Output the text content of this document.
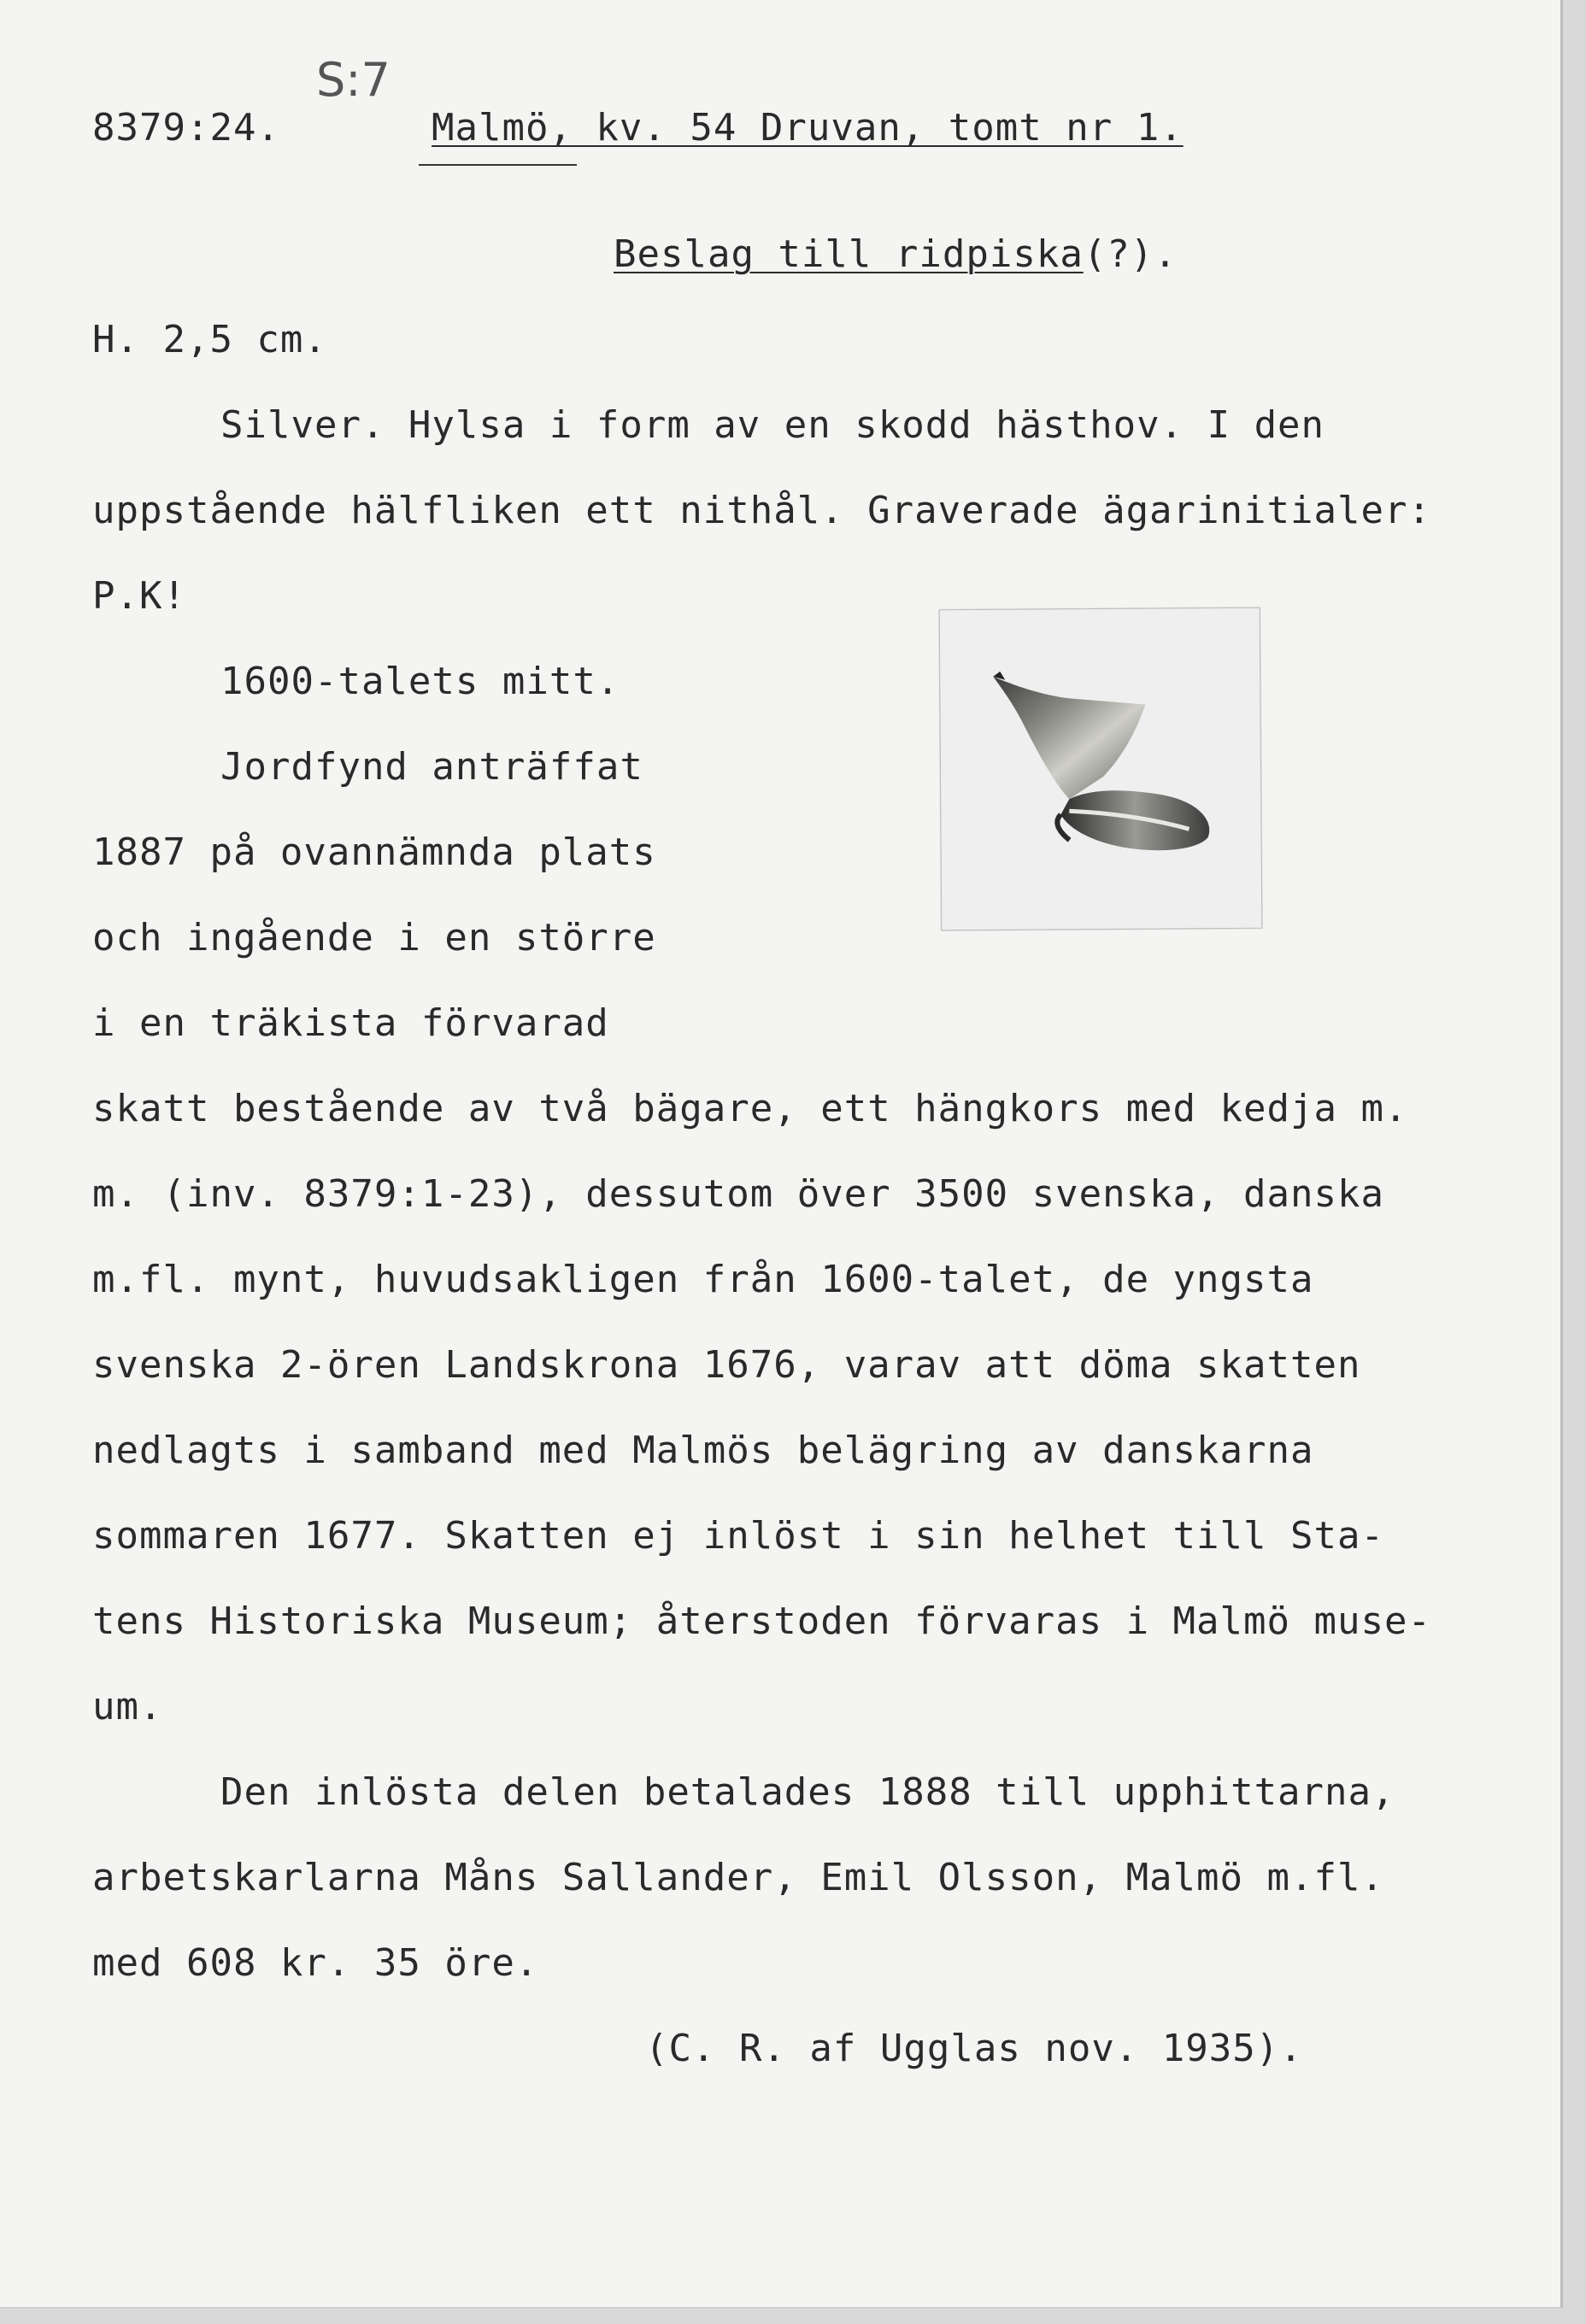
S:7
8379:24.	Malmö, kv. 54 Druvan, tomt nr 1.
Beslag till ridpiska(?).
H. 2,5 cm.
Silver. Hylsa i form av en skodd hästhov. I den
uppstående hälfliken ett nithål. Graverade ägarinitialer:
P.K!
1600-talets mitt.
Jordfynd anträffat
1887 på ovannämnda plats
och ingående i en större
i en träkista förvarad
skatt bestående av två bägare, ett hängkors med kedja m.
m. (inv. 8379:1-23), dessutom över 3500 svenska, danska
m.fl. mynt, huvudsakligen från 1600-talet, de yngsta
svenska 2-ören Landskrona 1676, varav att döma skatten
nedlagts i samband med Malmös belägring av danskarna
sommaren 1677. Skatten ej inlöst i sin helhet till Sta-
tens Historiska Museum; återstoden förvaras i Malmö muse-
um.
Den inlösta delen betalades 1888 till upphittarna,
arbetskarlarna Måns Sallander, Emil Olsson, Malmö m.fl.
med 608 kr. 35 öre.
(C. R. af Ugglas nov. 1935).
